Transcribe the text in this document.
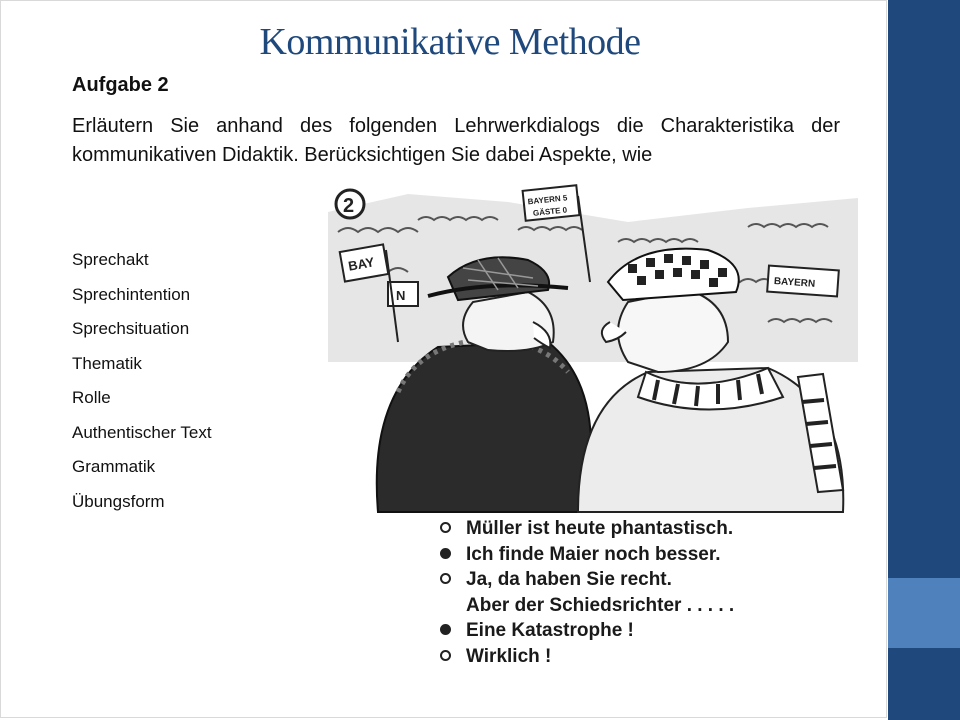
Kommunikative Methode
Aufgabe 2
Erläutern Sie anhand des folgenden Lehrwerkdialogs die Charakteristika der kommunikativen Didaktik. Berücksichtigen Sie dabei Aspekte, wie
Sprechakt
Sprechintention
Sprechsituation
Thematik
Rolle
Authentischer Text
Grammatik
Übungsform
BAYERN 5
GÄSTE 0
BAY
N
BAYERN
2
Müller ist heute phantastisch.
Ich finde Maier noch besser.
Ja, da haben Sie recht.
Aber der Schiedsrichter . . . . .
Eine Katastrophe !
Wirklich !
